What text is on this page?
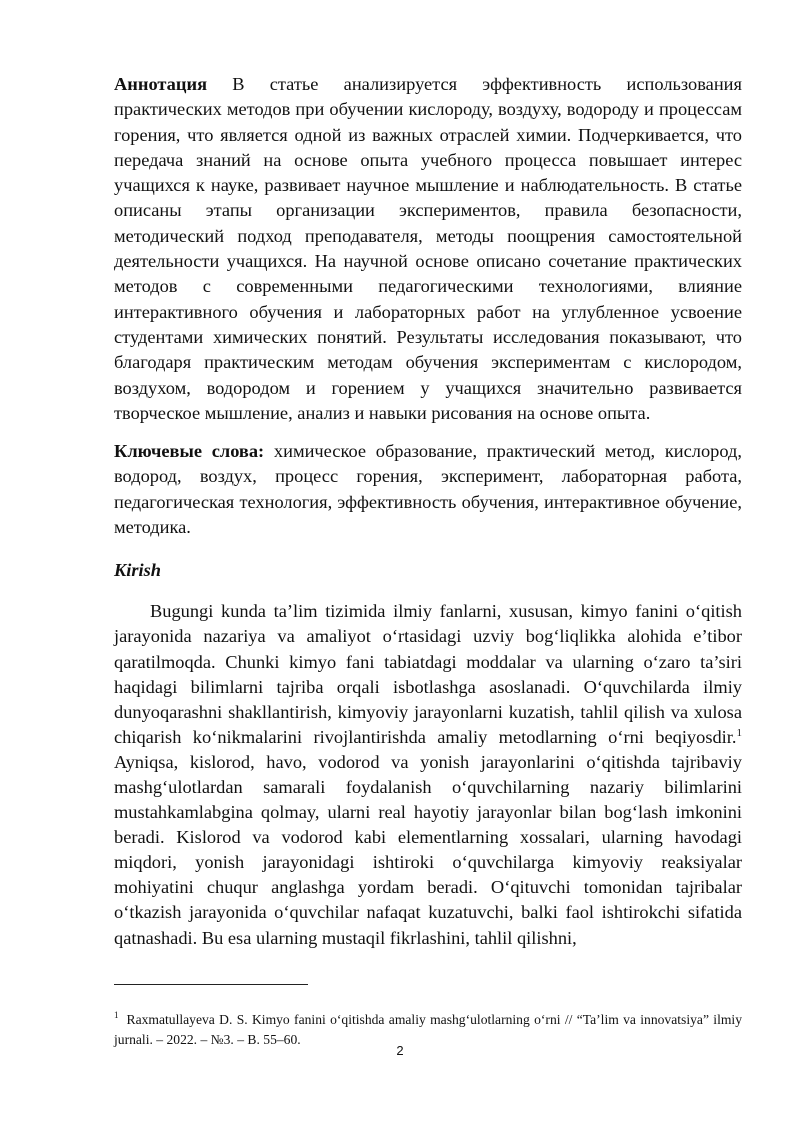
Аннотация В статье анализируется эффективность использования практических методов при обучении кислороду, воздуху, водороду и процессам горения, что является одной из важных отраслей химии. Подчеркивается, что передача знаний на основе опыта учебного процесса повышает интерес учащихся к науке, развивает научное мышление и наблюдательность. В статье описаны этапы организации экспериментов, правила безопасности, методический подход преподавателя, методы поощрения самостоятельной деятельности учащихся. На научной основе описано сочетание практических методов с современными педагогическими технологиями, влияние интерактивного обучения и лабораторных работ на углубленное усвоение студентами химических понятий. Результаты исследования показывают, что благодаря практическим методам обучения экспериментам с кислородом, воздухом, водородом и горением у учащихся значительно развивается творческое мышление, анализ и навыки рисования на основе опыта.

Ключевые слова: химическое образование, практический метод, кислород, водород, воздух, процесс горения, эксперимент, лабораторная работа, педагогическая технология, эффективность обучения, интерактивное обучение, методика.

Kirish

Bugungi kunda ta’lim tizimida ilmiy fanlarni, xususan, kimyo fanini o‘qitish jarayonida nazariya va amaliyot o‘rtasidagi uzviy bog‘liqlikka alohida e’tibor qaratilmoqda. Chunki kimyo fani tabiatdagi moddalar va ularning o‘zaro ta’siri haqidagi bilimlarni tajriba orqali isbotlashga asoslanadi. O‘quvchilarda ilmiy dunyoqarashni shakllantirish, kimyoviy jarayonlarni kuzatish, tahlil qilish va xulosa chiqarish ko‘nikmalarini rivojlantirishda amaliy metodlarning o‘rni beqiyosdir.$^1$ Ayniqsa, kislorod, havo, vodorod va yonish jarayonlarini o‘qitishda tajribaviy mashg‘ulotlardan samarali foydalanish o‘quvchilarning nazariy bilimlarini mustahkamlabgina qolmay, ularni real hayotiy jarayonlar bilan bog‘lash imkonini beradi. Kislorod va vodorod kabi elementlarning xossalari, ularning havodagi miqdori, yonish jarayonidagi ishtiroki o‘quvchilarga kimyoviy reaksiyalar mohiyatini chuqur anglashga yordam beradi. O‘qituvchi tomonidan tajribalar o‘tkazish jarayonida o‘quvchilar nafaqat kuzatuvchi, balki faol ishtirokchi sifatida qatnashadi. Bu esa ularning mustaqil fikrlashini, tahlil qilishni,

$^1$ Raxmatullayeva D. S. Kimyo fanini o‘qitishda amaliy mashg‘ulotlarning o‘rni // “Ta’lim va innovatsiya” ilmiy jurnali. – 2022. – №3. – B. 55–60.

2
